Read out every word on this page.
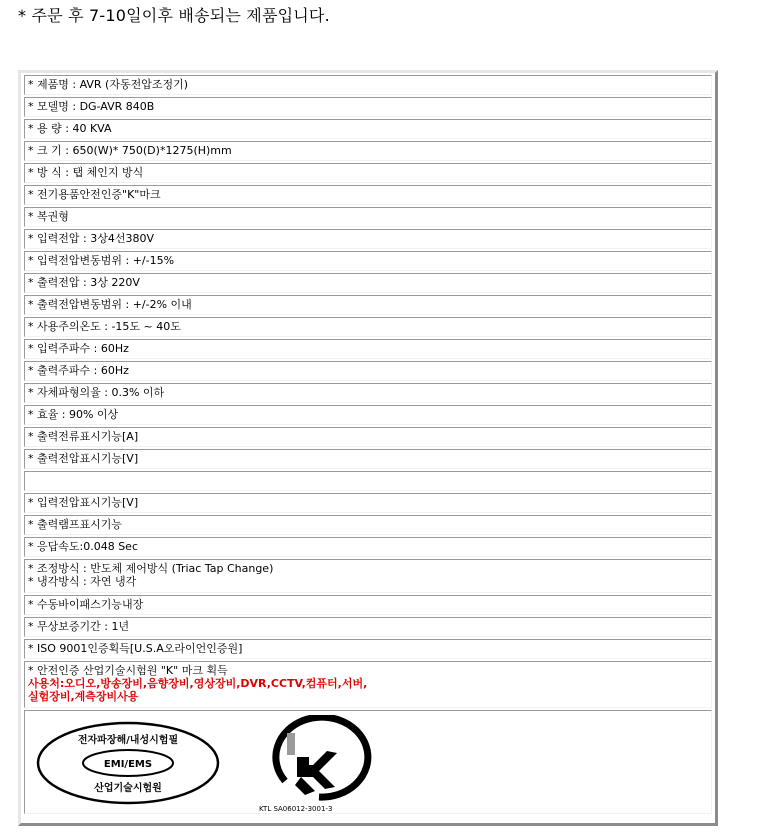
* 주문 후 7-10일이후 배송되는 제품입니다.
* 제품명 : AVR (자동전압조정기)
* 모델명 : DG-AVR 840B
* 용 량 : 40 KVA
* 크 기 : 650(W)* 750(D)*1275(H)mm
* 방 식 : 탭 체인지 방식
* 전기용품안전인증"K"마크
* 복권형
* 입력전압 : 3상4선380V
* 입력전압변동범위 : +/-15%
* 출력전압 : 3상 220V
* 출력전압변동범위 : +/-2% 이내
* 사용주의온도 : -15도 ~ 40도
* 입력주파수 : 60Hz
* 출력주파수 : 60Hz
* 자체파형의율 : 0.3% 이하
* 효율 : 90% 이상
* 출력전류표시기능[A]
* 출력전압표시기능[V]
* 입력전압표시기능[V]
* 출력램프표시기능
* 응답속도:0.048 Sec
* 조정방식 : 반도체 제어방식 (Triac Tap Change)
* 냉각방식 : 자연 냉각
* 수동바이패스기능내장
* 무상보증기간 : 1년
* ISO 9001인증획득[U.S.A오라이언인증원]
* 안전인증 산업기술시험원 "K" 마크 획득
사용처:오디오,방송장비,음향장비,영상장비,DVR,CCTV,컴퓨터,서버,
실험장비,계측장비사용
전자파장해/내성시험필
EMI/EMS
산업기술시험원
KTL SA06012-3001-3
